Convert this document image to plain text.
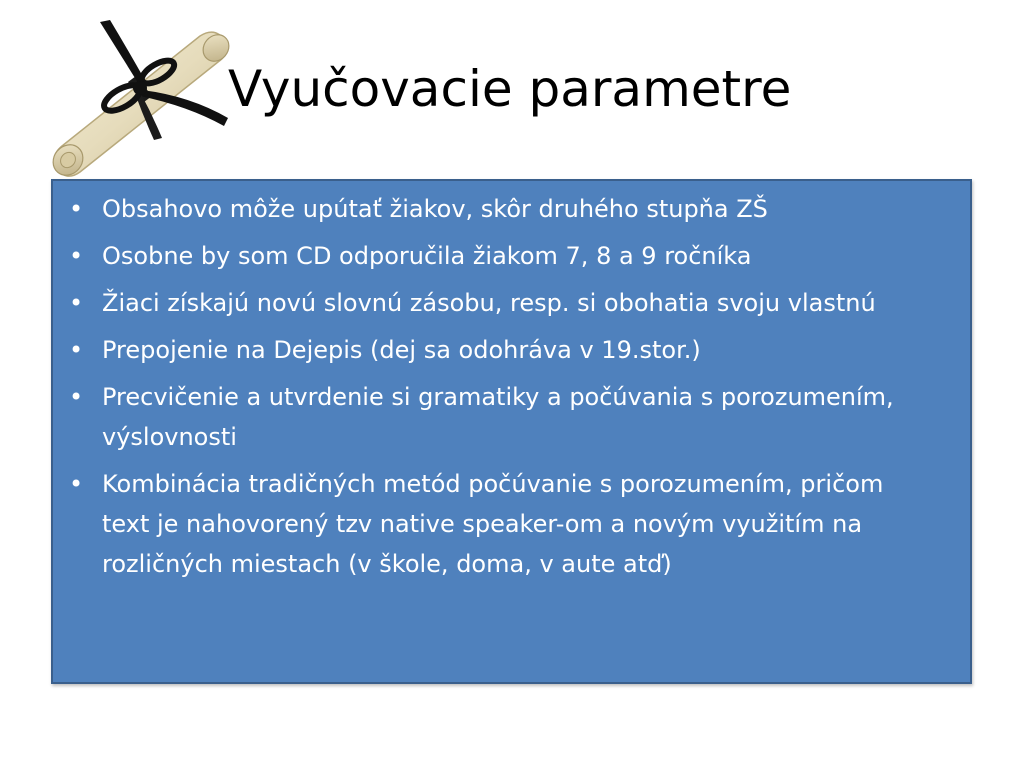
Vyučovacie parametre
• Obsahovo môže upútať žiakov, skôr druhého stupňa ZŠ
• Osobne by som CD odporučila žiakom 7, 8 a 9 ročníka
• Žiaci získajú novú slovnú zásobu, resp. si obohatia svoju vlastnú
• Prepojenie na Dejepis (dej sa odohráva v 19.stor.)
• Precvičenie a utvrdenie si gramatiky a počúvania s porozumením, výslovnosti
• Kombinácia tradičných metód počúvanie s porozumením, pričom text je nahovorený tzv native speaker-om a novým využitím na rozličných miestach (v škole, doma, v aute atď)
